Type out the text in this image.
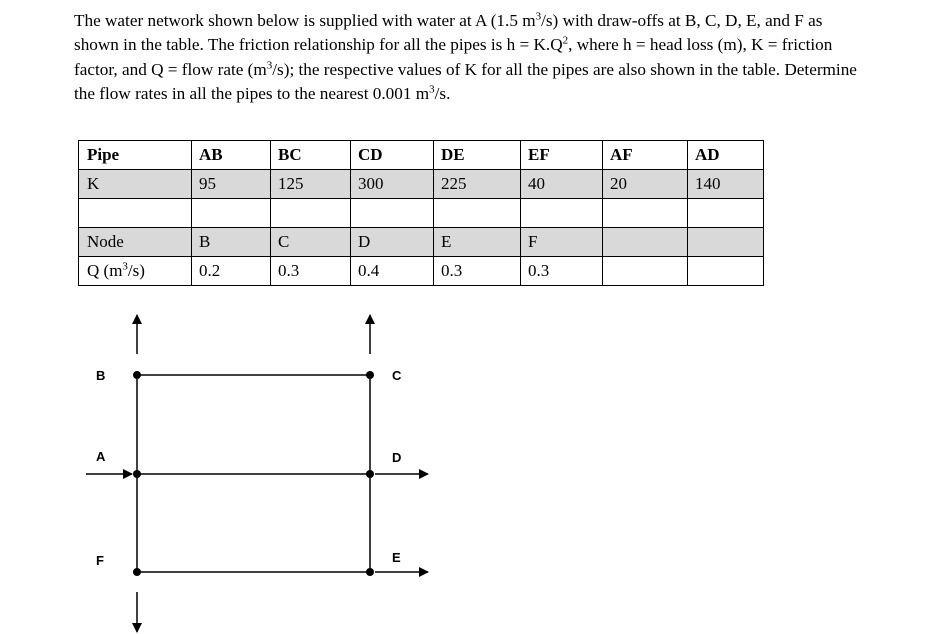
The water network shown below is supplied with water at A (1.5 $m^3/s$) with draw-offs at B, C, D, E, and F as shown in the table. The friction relationship for all the pipes is $h = K.Q^2$, where h = head loss (m), K = friction factor, and Q = flow rate $(m^3/s)$; the respective values of K for all the pipes are also shown in the table. Determine the flow rates in all the pipes to the nearest 0.001 $m^3/s$.

Pipe	AB	BC	CD	DE	EF	AF	AD
K	95	125	300	225	40	20	140

Node	B	C	D	E	F		
Q $(m^3/s)$	0.2	0.3	0.4	0.3	0.3		
B
A
F
C
D
E
